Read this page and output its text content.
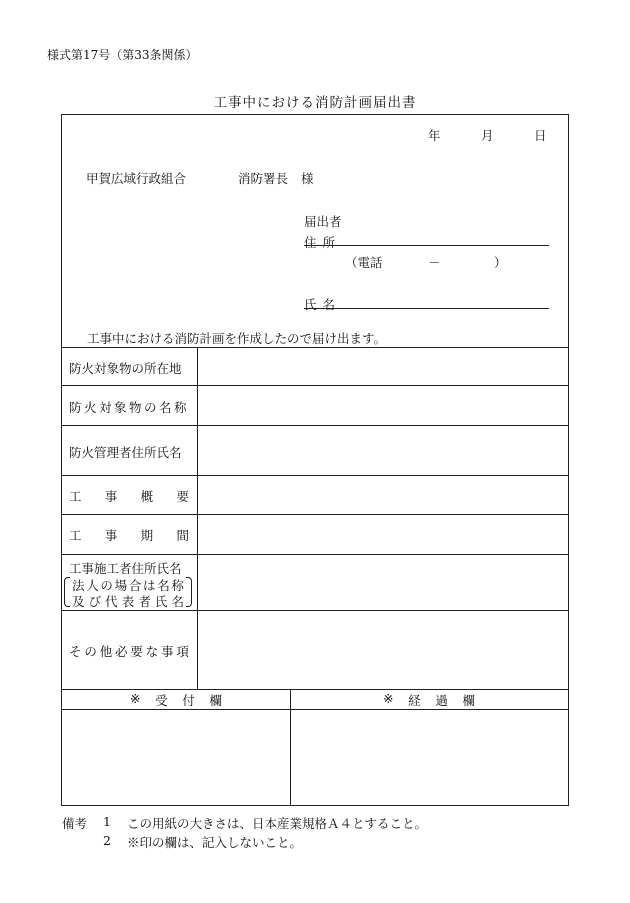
様式第17号（第33条関係）
工事中における消防計画届出書
年	月	日
甲賀広域行政組合	消防署長 様
届出者
住所
（電話	－	）
氏名
工事中における消防計画を作成したので届け出ます。
防火対象物の所在地
防火対象物の名称
防火管理者住所氏名
工 事 概 要
工 事 期 間
工事施工者住所氏名
法 人 の 場 合 は 名 称
及 び 代 表 者 氏 名
そ の 他 必 要 な 事 項
※ 受 付 欄	※ 経 過 欄
備考 1 この用紙の大きさは、日本産業規格Ａ４とすること。
2 ※印の欄は、記入しないこと。
